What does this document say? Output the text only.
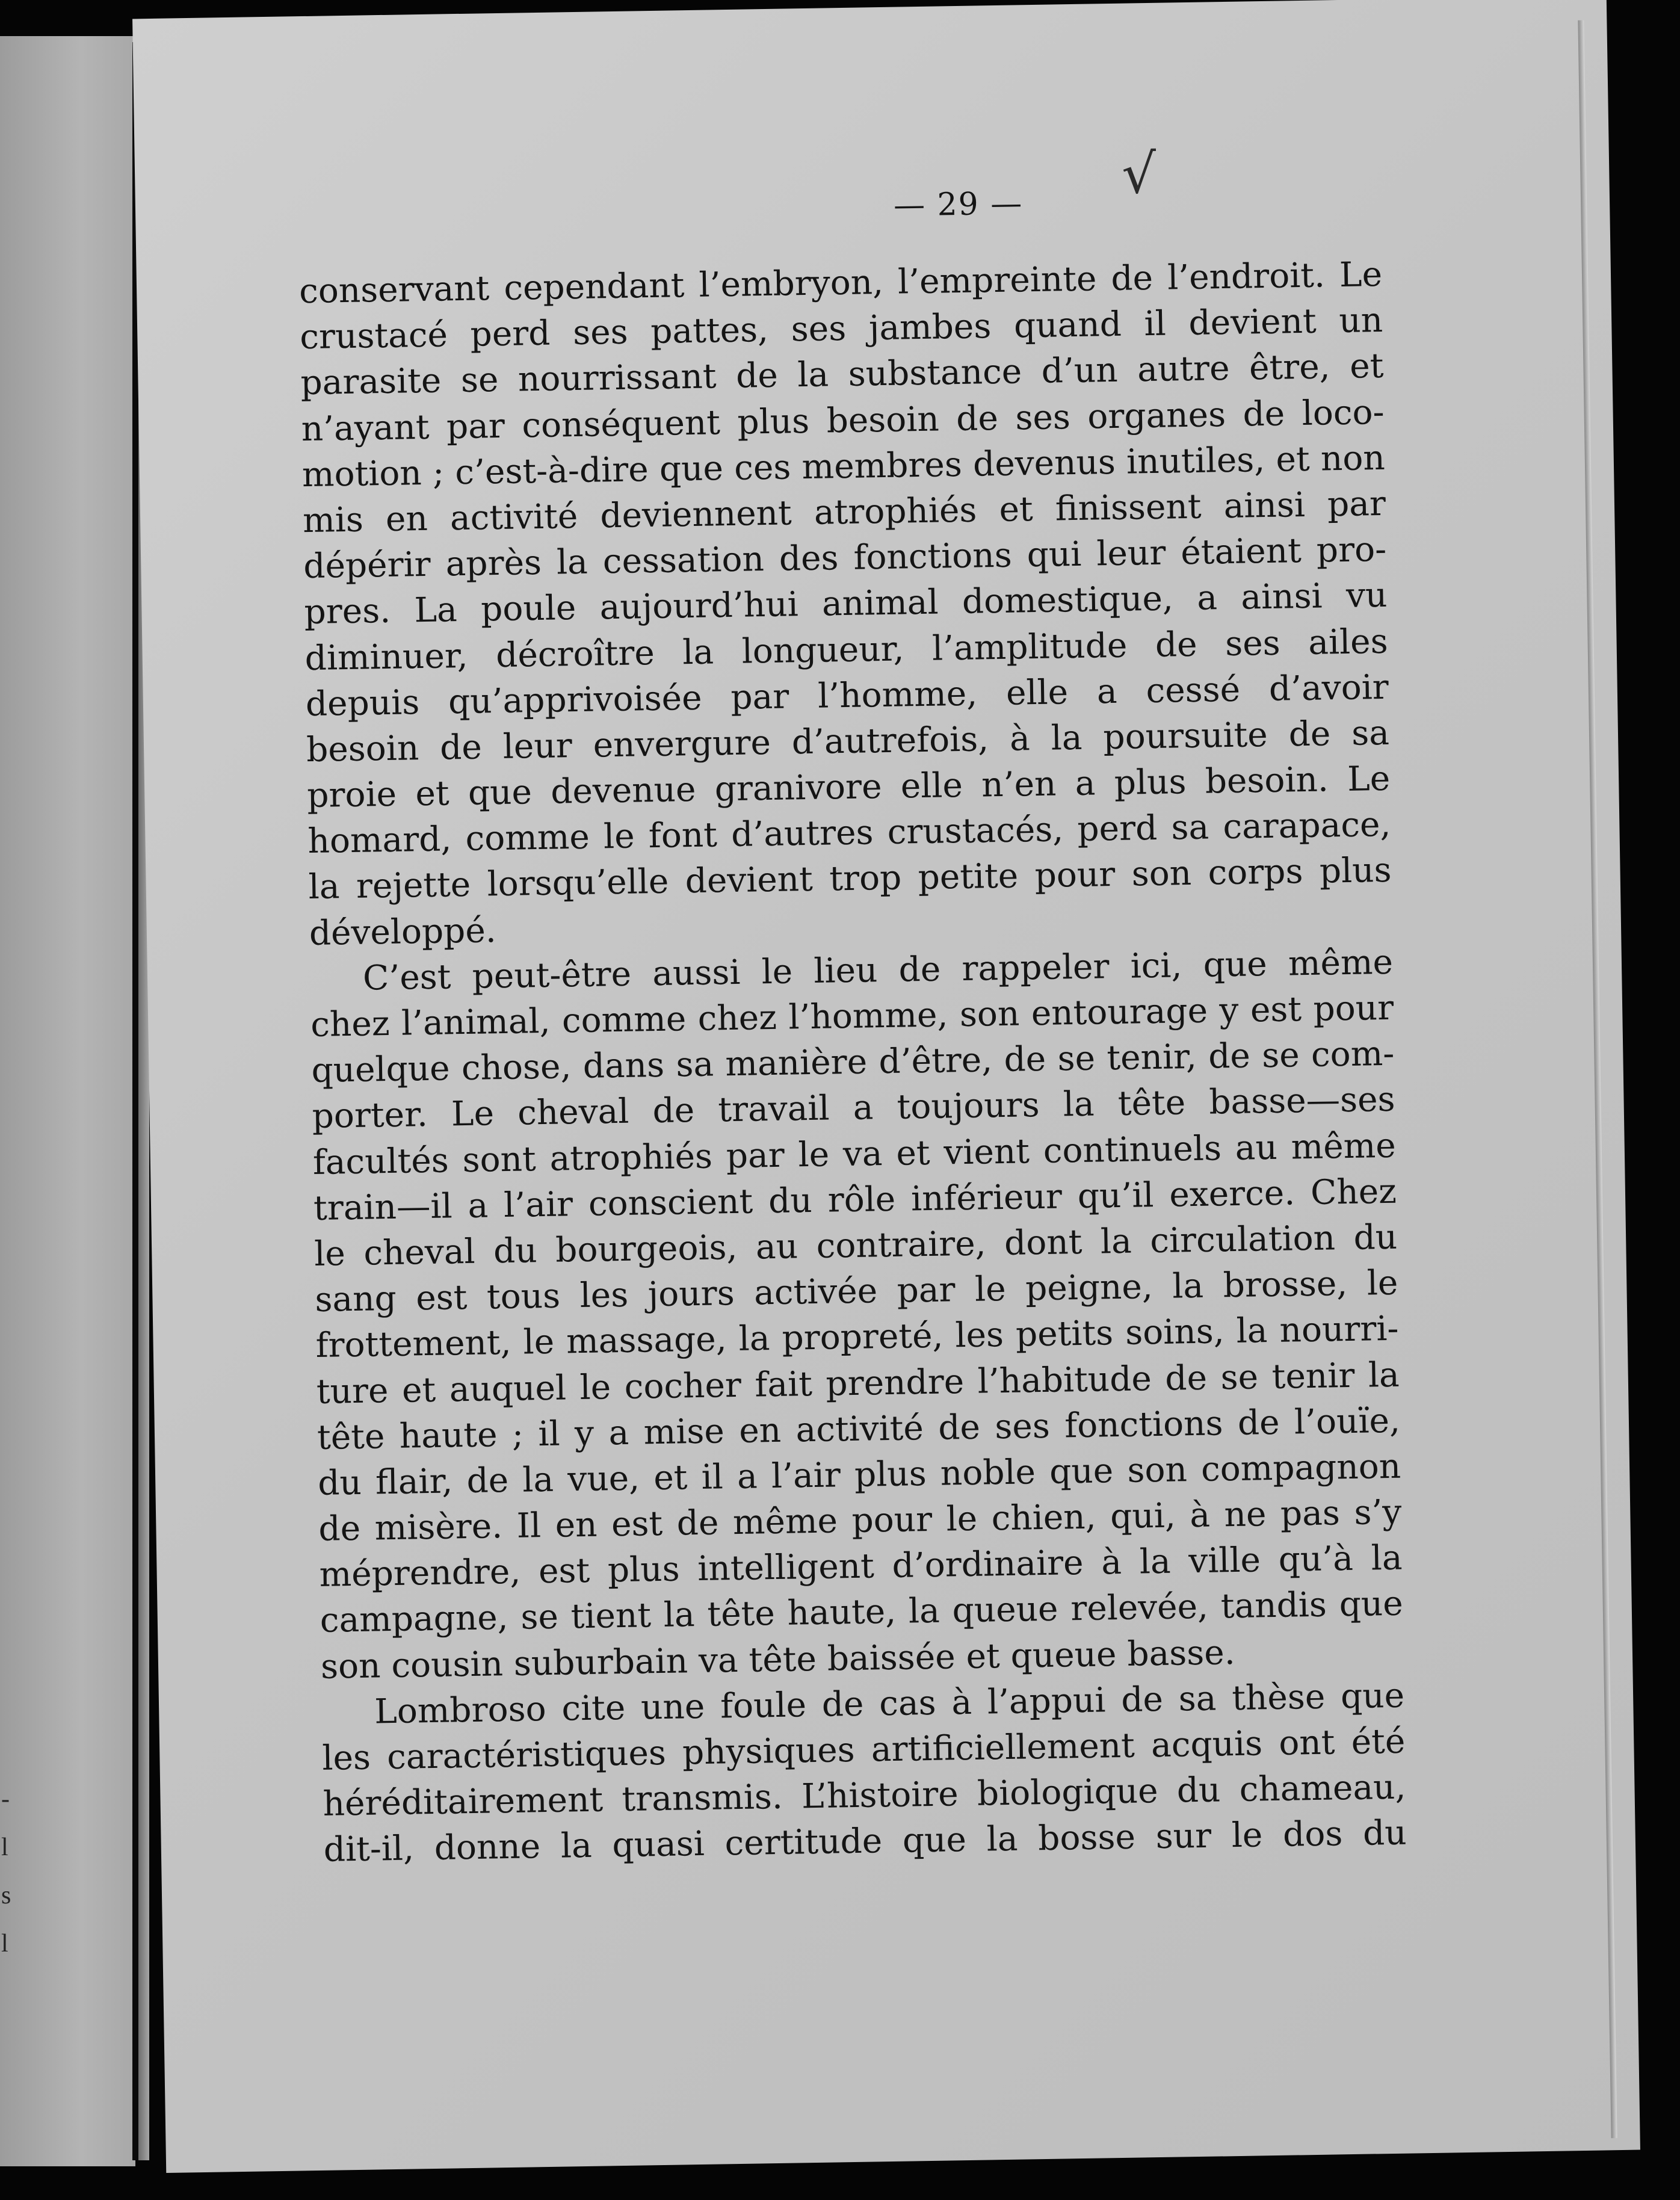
-
l
s
l
— 29 — √
conservant cependant l’embryon, l’empreinte de l’endroit. Le
crustacé perd ses pattes, ses jambes quand il devient un
parasite se nourrissant de la substance d’un autre être, et
n’ayant par conséquent plus besoin de ses organes de loco-
motion ; c’est-à-dire que ces membres devenus inutiles, et non
mis en activité deviennent atrophiés et finissent ainsi par
dépérir après la cessation des fonctions qui leur étaient pro-
pres. La poule aujourd’hui animal domestique, a ainsi vu
diminuer, décroître la longueur, l’amplitude de ses ailes
depuis qu’apprivoisée par l’homme, elle a cessé d’avoir
besoin de leur envergure d’autrefois, à la poursuite de sa
proie et que devenue granivore elle n’en a plus besoin. Le
homard, comme le font d’autres crustacés, perd sa carapace,
la rejette lorsqu’elle devient trop petite pour son corps plus
développé.
C’est peut-être aussi le lieu de rappeler ici, que même
chez l’animal, comme chez l’homme, son entourage y est pour
quelque chose, dans sa manière d’être, de se tenir, de se com-
porter. Le cheval de travail a toujours la tête basse—ses
facultés sont atrophiés par le va et vient continuels au même
train—il a l’air conscient du rôle inférieur qu’il exerce. Chez
le cheval du bourgeois, au contraire, dont la circulation du
sang est tous les jours activée par le peigne, la brosse, le
frottement, le massage, la propreté, les petits soins, la nourri-
ture et auquel le cocher fait prendre l’habitude de se tenir la
tête haute ; il y a mise en activité de ses fonctions de l’ouïe,
du flair, de la vue, et il a l’air plus noble que son compagnon
de misère. Il en est de même pour le chien, qui, à ne pas s’y
méprendre, est plus intelligent d’ordinaire à la ville qu’à la
campagne, se tient la tête haute, la queue relevée, tandis que
son cousin suburbain va tête baissée et queue basse.
Lombroso cite une foule de cas à l’appui de sa thèse que
les caractéristiques physiques artificiellement acquis ont été
héréditairement transmis. L’histoire biologique du chameau,
dit-il, donne la quasi certitude que la bosse sur le dos du
